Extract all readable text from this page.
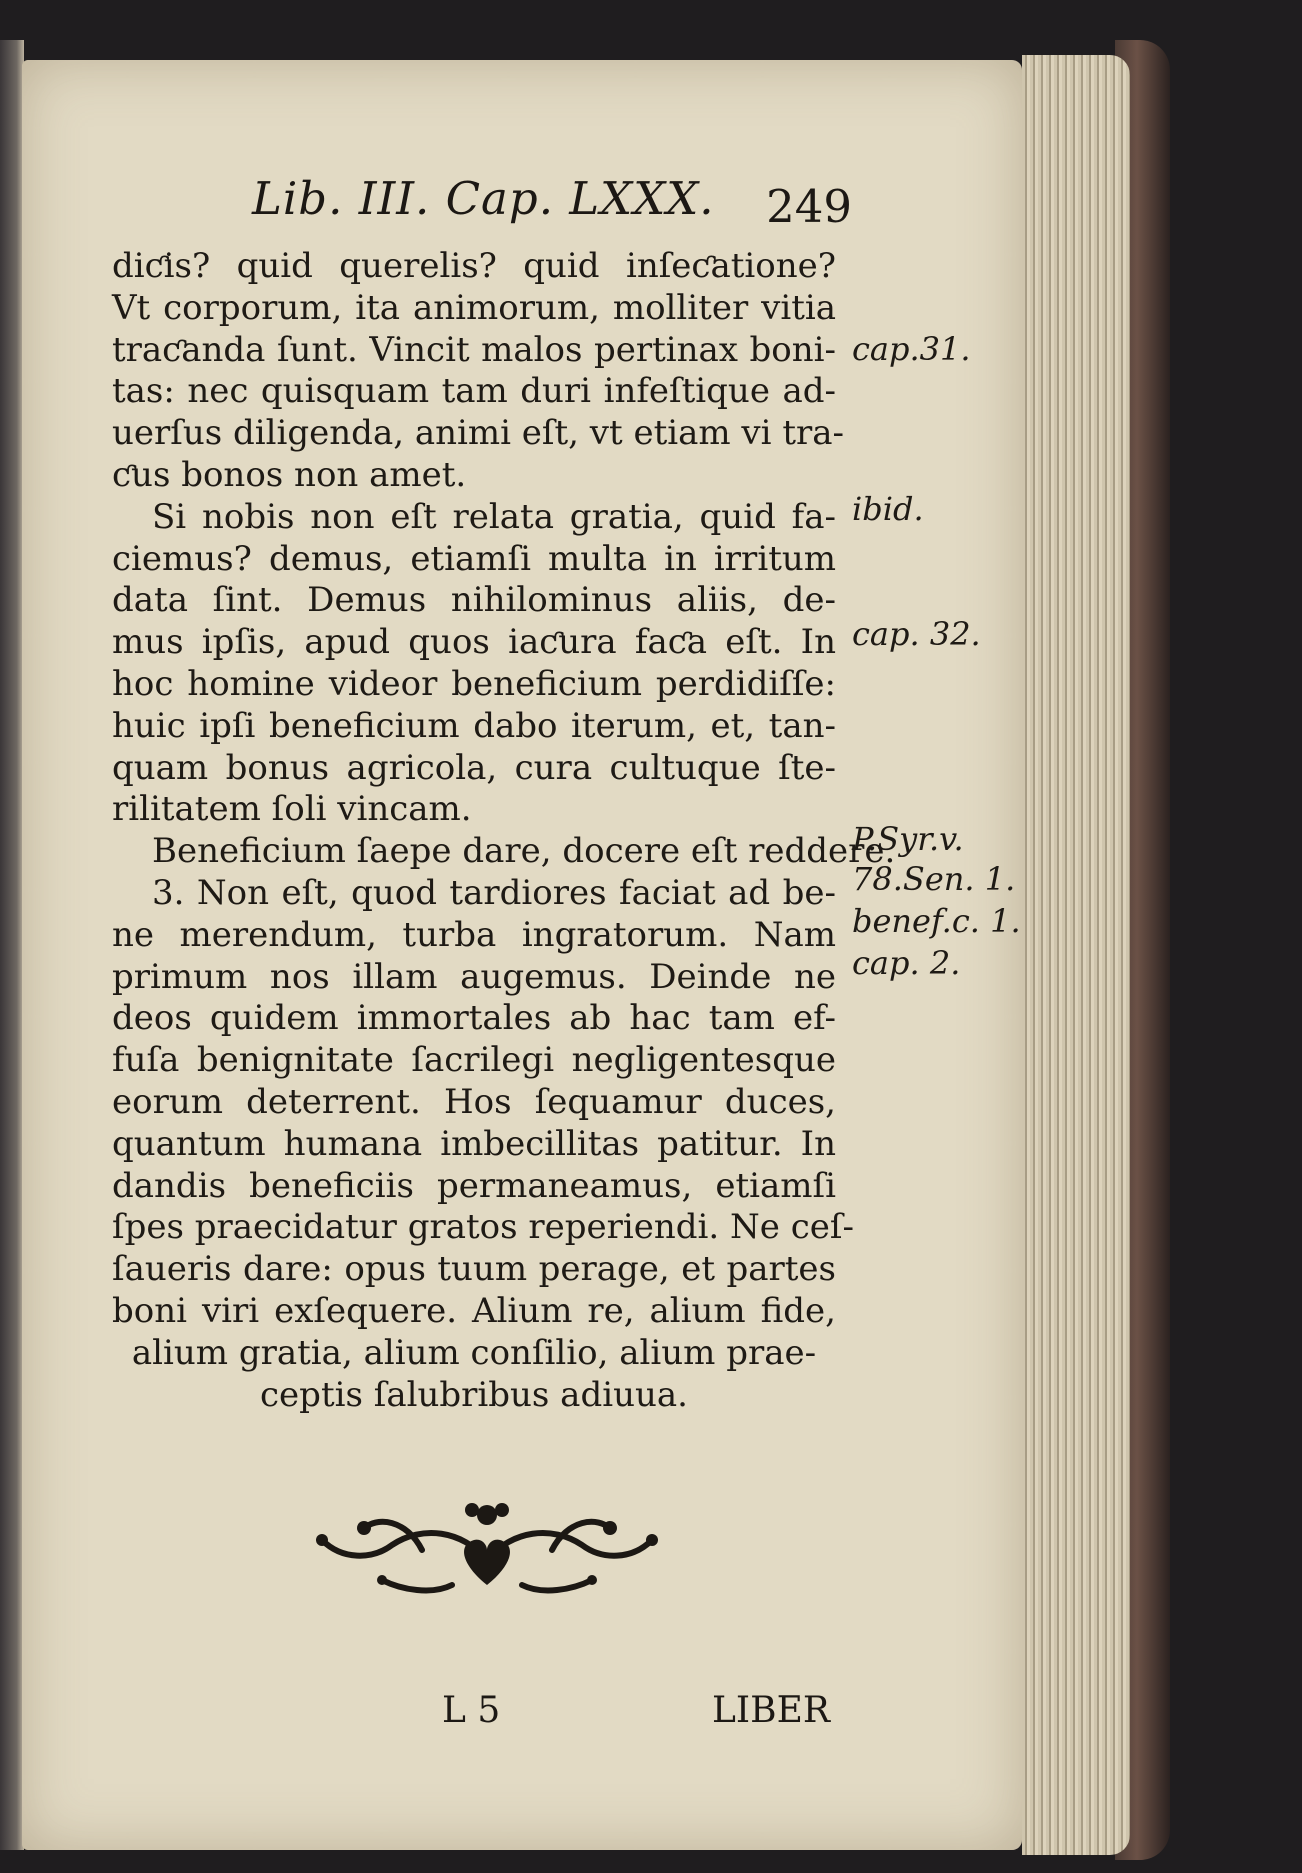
Lib. III. Cap. LXXX. 249
diƈis? quid querelis? quid inſeƈatione?
Vt corporum, ita animorum, molliter vitia
traƈanda ſunt. Vincit malos pertinax boni-
tas: nec quisquam tam duri infeſtique ad-
uerſus diligenda, animi eſt, vt etiam vi tra-
ƈus bonos non amet.
Si nobis non eſt relata gratia, quid fa-
ciemus? demus, etiamſi multa in irritum
data ſint. Demus nihilominus aliis, de-
mus ipſis, apud quos iaƈura faƈa eſt. In
hoc homine videor beneficium perdidiſſe:
huic ipſi beneficium dabo iterum, et, tan-
quam bonus agricola, cura cultuque ſte-
rilitatem ſoli vincam.
Beneficium ſaepe dare, docere eſt reddere.
3. Non eſt, quod tardiores faciat ad be-
ne merendum, turba ingratorum. Nam
primum nos illam augemus. Deinde ne
deos quidem immortales ab hac tam ef-
fuſa benignitate ſacrilegi negligentesque
eorum deterrent. Hos ſequamur duces,
quantum humana imbecillitas patitur. In
dandis beneficiis permaneamus, etiamſi
ſpes praecidatur gratos reperiendi. Ne ceſ-
ſaueris dare: opus tuum perage, et partes
boni viri exſequere. Alium re, alium fide,
alium gratia, alium conſilio, alium prae-
ceptis ſalubribus adiuua.
cap.31.
ibid.
cap. 32.
P.Syr.v.
78.Sen. 1.
benef.c. 1.
cap. 2.
L 5	LIBER
